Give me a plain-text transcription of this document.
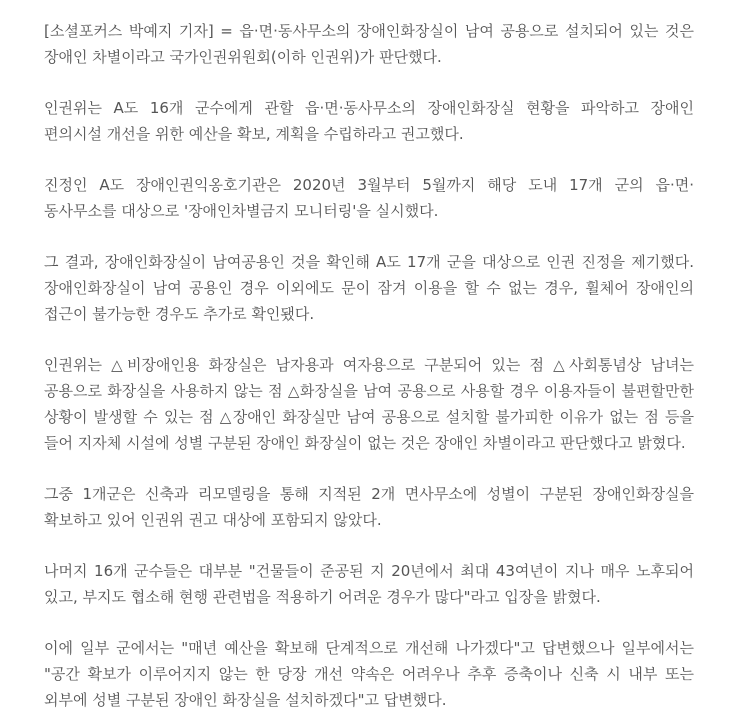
[소셜포커스 박예지 기자] = 읍·면·동사무소의 장애인화장실이 남여 공용으로 설치되어 있는 것은 장애인 차별이라고 국가인권위원회(이하 인권위)가 판단했다.

인권위는 A도 16개 군수에게 관할 읍·면·동사무소의 장애인화장실 현황을 파악하고 장애인 편의시설 개선을 위한 예산을 확보, 계획을 수립하라고 권고했다.

진정인 A도 장애인권익옹호기관은 2020년 3월부터 5월까지 해당 도내 17개 군의 읍·면·동사무소를 대상으로 '장애인차별금지 모니터링'을 실시했다.

그 결과, 장애인화장실이 남여공용인 것을 확인해 A도 17개 군을 대상으로 인권 진정을 제기했다. 장애인화장실이 남여 공용인 경우 이외에도 문이 잠겨 이용을 할 수 없는 경우, 휠체어 장애인의 접근이 불가능한 경우도 추가로 확인됐다.

인권위는 △비장애인용 화장실은 남자용과 여자용으로 구분되어 있는 점 △사회통념상 남녀는 공용으로 화장실을 사용하지 않는 점 △화장실을 남여 공용으로 사용할 경우 이용자들이 불편할만한 상황이 발생할 수 있는 점 △장애인 화장실만 남여 공용으로 설치할 불가피한 이유가 없는 점 등을 들어 지자체 시설에 성별 구분된 장애인 화장실이 없는 것은 장애인 차별이라고 판단했다고 밝혔다.

그중 1개군은 신축과 리모델링을 통해 지적된 2개 면사무소에 성별이 구분된 장애인화장실을 확보하고 있어 인권위 권고 대상에 포함되지 않았다.

나머지 16개 군수들은 대부분 "건물들이 준공된 지 20년에서 최대 43여년이 지나 매우 노후되어 있고, 부지도 협소해 현행 관련법을 적용하기 어려운 경우가 많다"라고 입장을 밝혔다.

이에 일부 군에서는 "매년 예산을 확보해 단계적으로 개선해 나가겠다"고 답변했으나 일부에서는 "공간 확보가 이루어지지 않는 한 당장 개선 약속은 어려우나 추후 증축이나 신축 시 내부 또는 외부에 성별 구분된 장애인 화장실을 설치하겠다"고 답변했다.
